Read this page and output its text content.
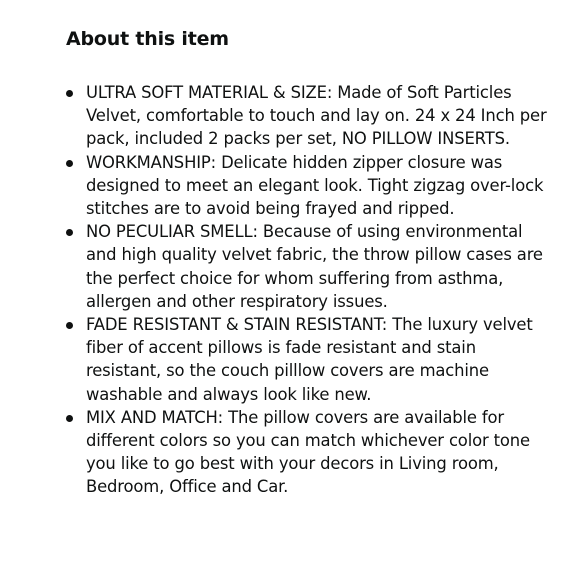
About this item
ULTRA SOFT MATERIAL & SIZE: Made of Soft Particles Velvet, comfortable to touch and lay on. 24 x 24 Inch per pack, included 2 packs per set, NO PILLOW INSERTS.
WORKMANSHIP: Delicate hidden zipper closure was designed to meet an elegant look. Tight zigzag over-lock stitches are to avoid being frayed and ripped.
NO PECULIAR SMELL: Because of using environmental and high quality velvet fabric, the throw pillow cases are the perfect choice for whom suffering from asthma, allergen and other respiratory issues.
FADE RESISTANT & STAIN RESISTANT: The luxury velvet fiber of accent pillows is fade resistant and stain resistant, so the couch pilllow covers are machine washable and always look like new.
MIX AND MATCH: The pillow covers are available for different colors so you can match whichever color tone you like to go best with your decors in Living room, Bedroom, Office and Car.
